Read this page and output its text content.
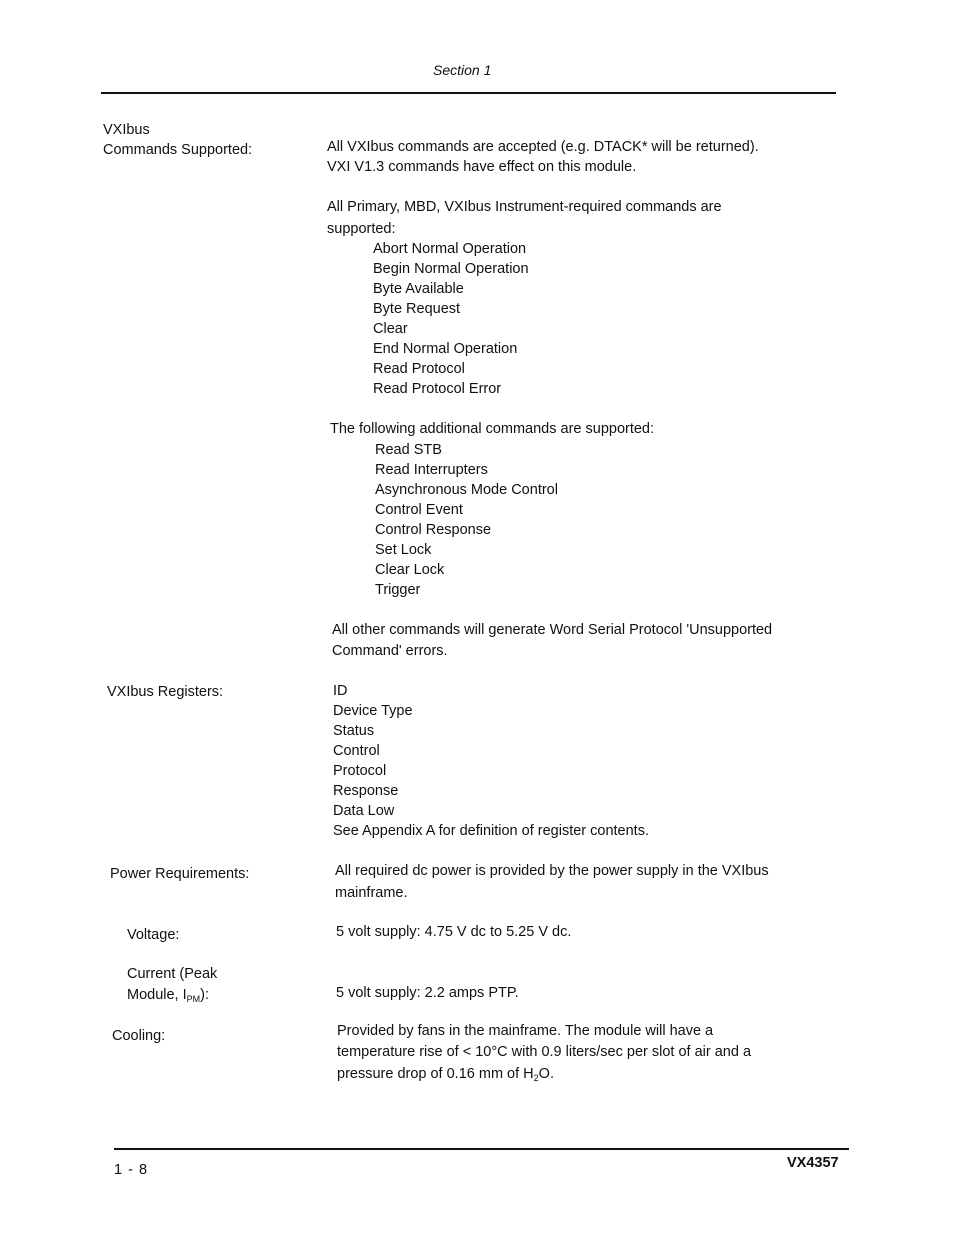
Section 1
VXIbus
Commands Supported:	All VXIbus commands are accepted (e.g. DTACK* will be returned).
VXI V1.3 commands have effect on this module.
All Primary, MBD, VXIbus Instrument-required commands are
supported:
Abort Normal Operation
Begin Normal Operation
Byte Available
Byte Request
Clear
End Normal Operation
Read Protocol
Read Protocol Error
The following additional commands are supported:
Read STB
Read Interrupters
Asynchronous Mode Control
Control Event
Control Response
Set Lock
Clear Lock
Trigger
All other commands will generate Word Serial Protocol 'Unsupported
Command' errors.
VXIbus Registers:	ID
Device Type
Status
Control
Protocol
Response
Data Low
See Appendix A for definition of register contents.
Power Requirements:	All required dc power is provided by the power supply in the VXIbus
mainframe.
Voltage:	5 volt supply: 4.75 V dc to 5.25 V dc.
Current (Peak
Module, $I_{PM}$):	5 volt supply: 2.2 amps PTP.
Cooling:	Provided by fans in the mainframe. The module will have a
temperature rise of < 10°C with 0.9 liters/sec per slot of air and a
pressure drop of 0.16 mm of $H_2O$.
1 - 8	VX4357
